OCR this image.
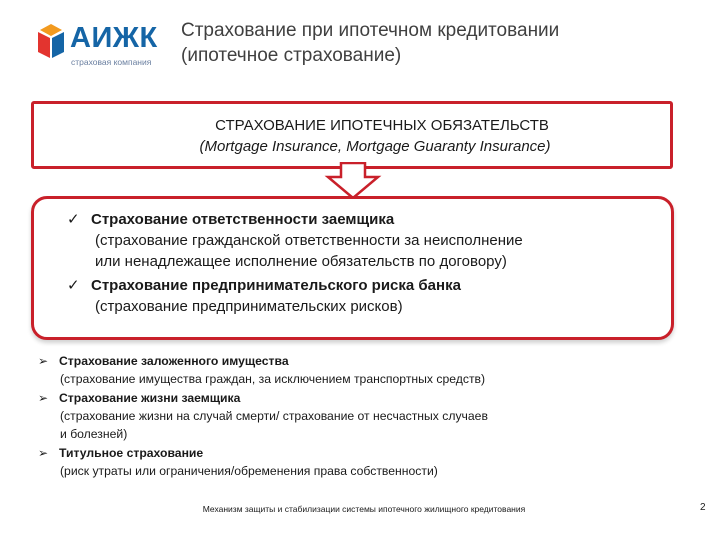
АИЖК
страховая компания
Страхование при ипотечном кредитовании
(ипотечное страхование)
СТРАХОВАНИЕ ИПОТЕЧНЫХ ОБЯЗАТЕЛЬСТВ
(Mortgage Insurance, Mortgage Guaranty Insurance)
✓ Страхование ответственности заемщика
(страхование гражданской ответственности за неисполнение
или ненадлежащее исполнение обязательств по договору)
✓ Страхование предпринимательского риска банка
(страхование предпринимательских рисков)
➢ Страхование заложенного имущества
(страхование имущества граждан, за исключением транспортных средств)
➢ Страхование жизни заемщика
(страхование жизни на случай смерти/ страхование от несчастных случаев
и болезней)
➢ Титульное страхование
(риск утраты или ограничения/обременения права собственности)
Механизм защиты и стабилизации системы ипотечного жилищного кредитования	2
